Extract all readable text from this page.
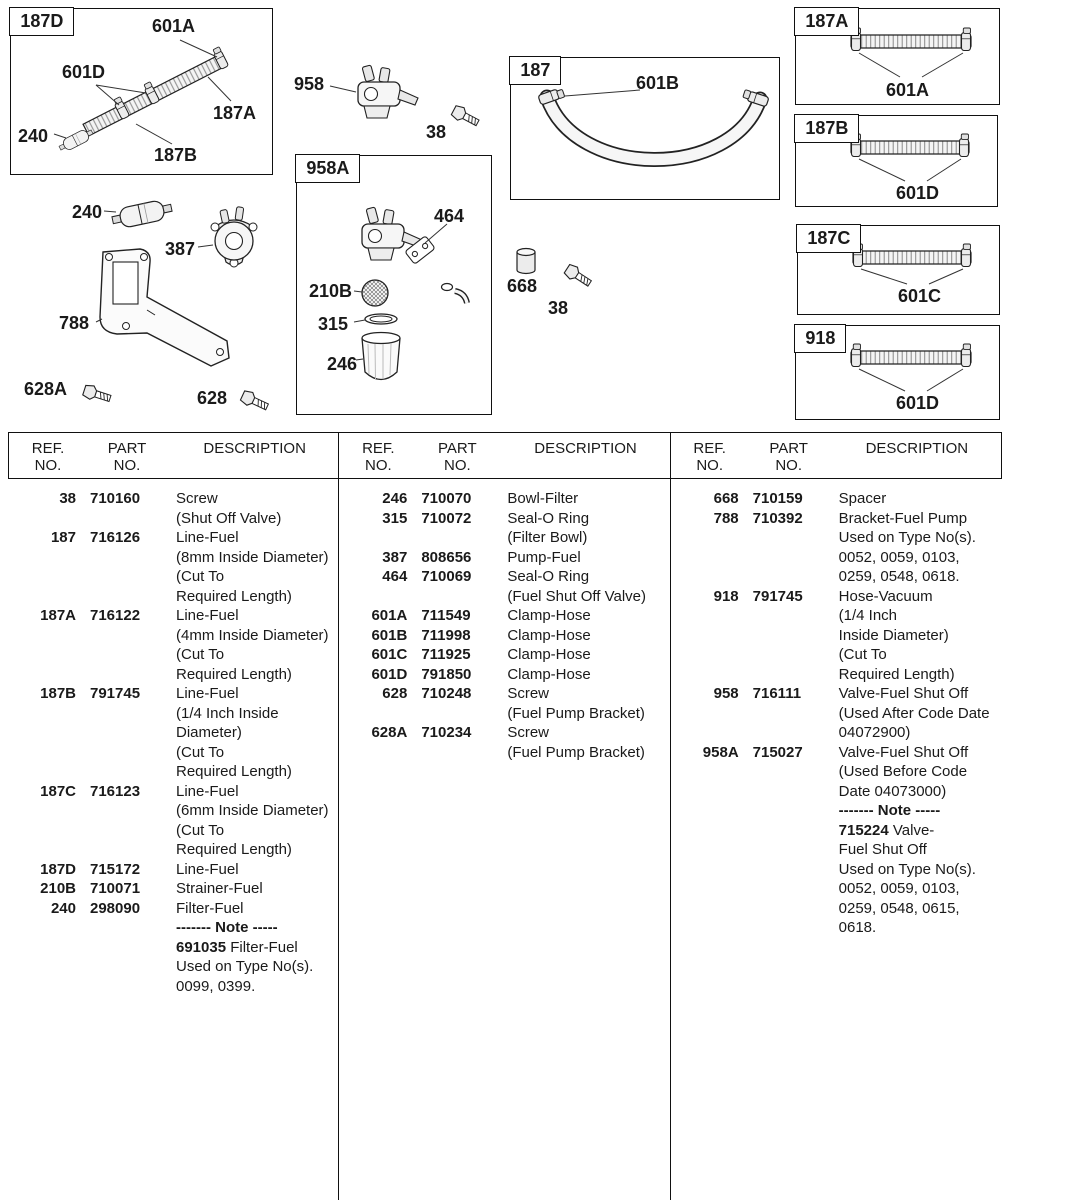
187D
187
958A
187A
187B
187C
918
601A
601D
187A
240
187B
958
38
601B
240
387
464
210B
315
246
668
38
788
628A	628
601A
601D
601C
601D
REF.
NO.
PART
NO.
DESCRIPTION
38 710160	Screw
(Shut Off Valve)
187 716126	Line-Fuel
(8mm Inside Diameter)
(Cut To
Required Length)
187A 716122	Line-Fuel
(4mm Inside Diameter)
(Cut To
Required Length)
187B 791745	Line-Fuel
(1/4 Inch Inside
Diameter)
(Cut To
Required Length)
187C 716123	Line-Fuel
(6mm Inside Diameter)
(Cut To
Required Length)
187D 715172	Line-Fuel
210B 710071	Strainer-Fuel
240 298090	Filter-Fuel
------- Note -----
691035 Filter-Fuel
Used on Type No(s).
0099, 0399.
REF.
NO.
PART
NO.
DESCRIPTION
246 710070	Bowl-Filter
315 710072	Seal-O Ring
(Filter Bowl)
387 808656	Pump-Fuel
464 710069	Seal-O Ring
(Fuel Shut Off Valve)
601A 711549	Clamp-Hose
601B 711998	Clamp-Hose
601C 711925	Clamp-Hose
601D 791850	Clamp-Hose
628 710248	Screw
(Fuel Pump Bracket)
628A 710234	Screw
(Fuel Pump Bracket)
REF.
NO.
PART
NO.
DESCRIPTION
668 710159	Spacer
788 710392	Bracket-Fuel Pump
Used on Type No(s).
0052, 0059, 0103,
0259, 0548, 0618.
918 791745	Hose-Vacuum
(1/4 Inch
Inside Diameter)
(Cut To
Required Length)
958 716111	Valve-Fuel Shut Off
(Used After Code Date
04072900)
958A 715027	Valve-Fuel Shut Off
(Used Before Code
Date 04073000)
------- Note -----
715224 Valve-
Fuel Shut Off
Used on Type No(s).
0052, 0059, 0103,
0259, 0548, 0615,
0618.
